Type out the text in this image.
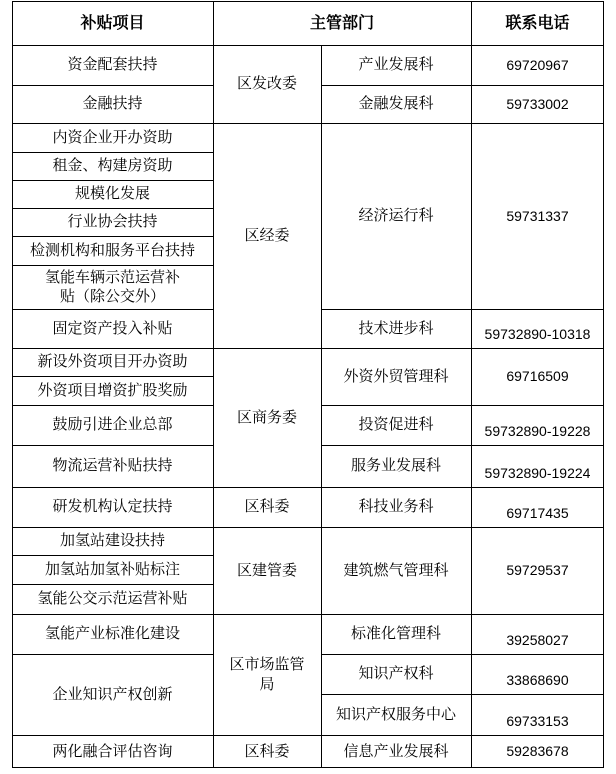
补贴项目	主管部门	联系电话
资金配套扶持
金融扶持
内资企业开办资助
租金、构建房资助
规模化发展
行业协会扶持
检测机构和服务平台扶持
氢能车辆示范运营补贴（除公交外）
固定资产投入补贴
新设外资项目开办资助
外资项目增资扩股奖励
鼓励引进企业总部
物流运营补贴扶持
研发机构认定扶持
加氢站建设扶持
加氢站加氢补贴标注
氢能公交示范运营补贴
氢能产业标准化建设
企业知识产权创新
两化融合评估咨询
区发改委
区经委
区商务委
区科委
区建管委
区市场监管局
区科委
产业发展科
金融发展科
经济运行科
技术进步科
外资外贸管理科
投资促进科
服务业发展科
科技业务科
建筑燃气管理科
标准化管理科
知识产权科
知识产权服务中心
信息产业发展科
69720967
59733002
59731337
59732890-10318
69716509
59732890-19228
59732890-19224
69717435
59729537
39258027
33868690
69733153
59283678
